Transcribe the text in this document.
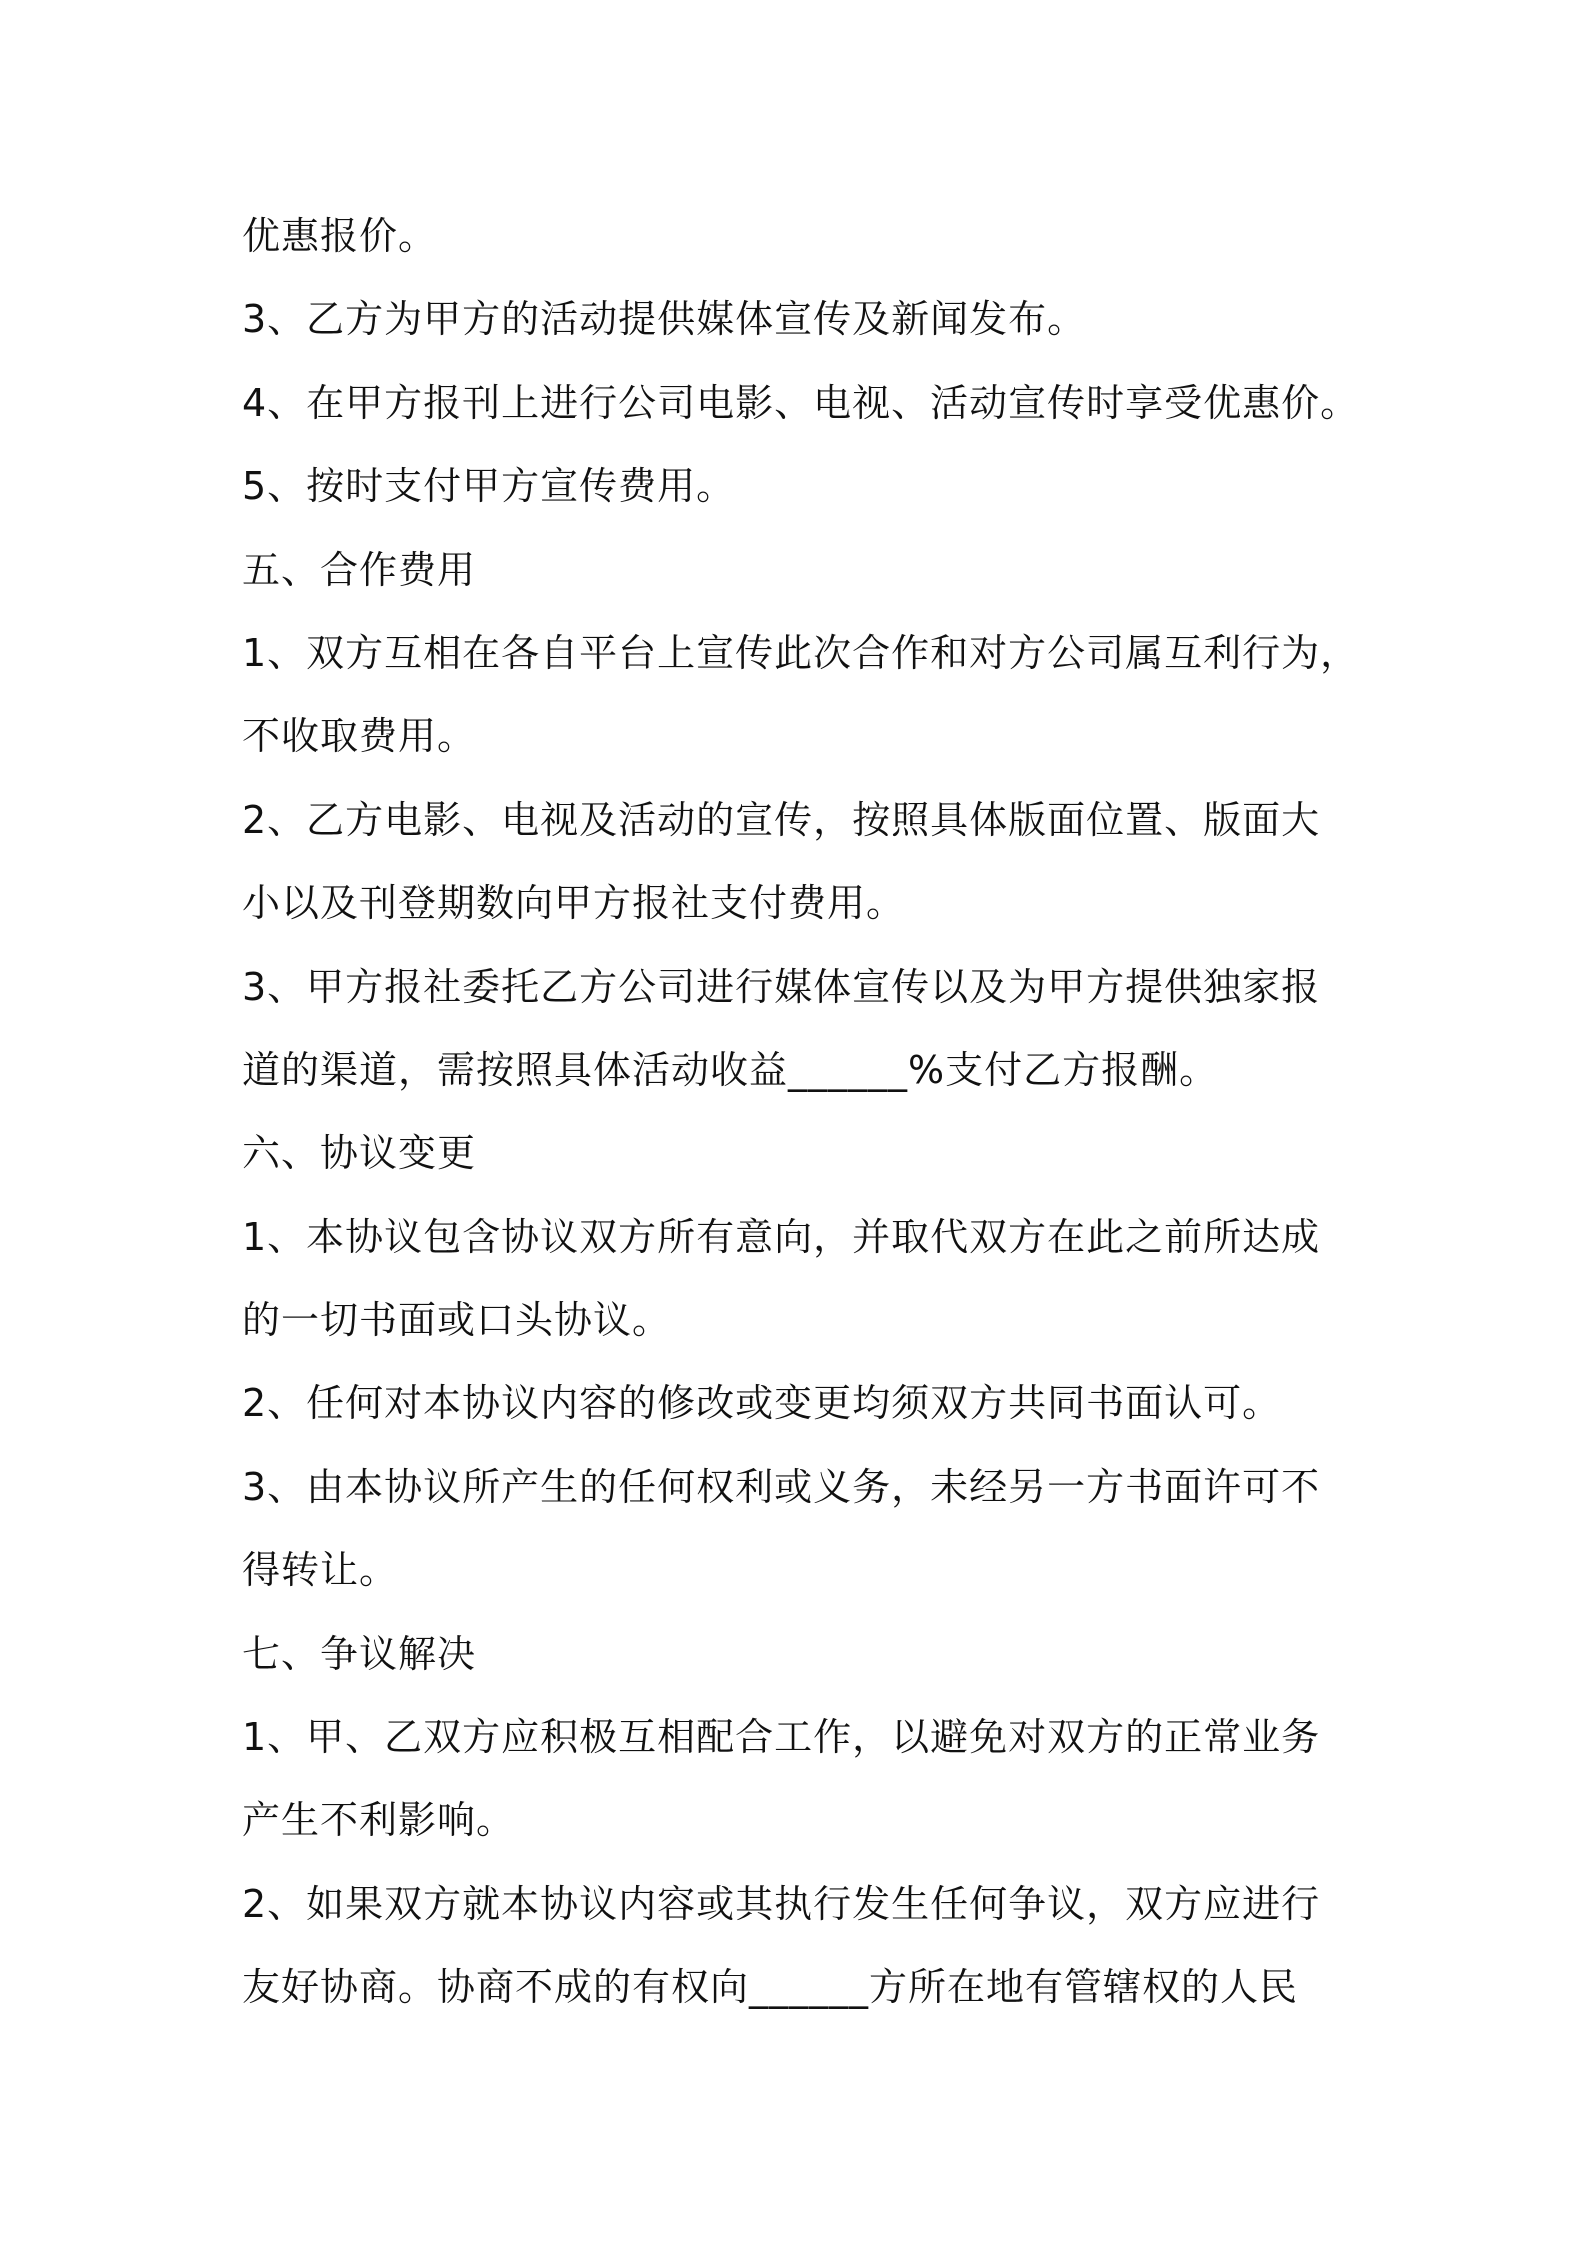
优惠报价。
3、乙方为甲方的活动提供媒体宣传及新闻发布。
4、在甲方报刊上进行公司电影、电视、活动宣传时享受优惠价。
5、按时支付甲方宣传费用。
五、合作费用
1、双方互相在各自平台上宣传此次合作和对方公司属互利行为，
不收取费用。
2、乙方电影、电视及活动的宣传，按照具体版面位置、版面大
小以及刊登期数向甲方报社支付费用。
3、甲方报社委托乙方公司进行媒体宣传以及为甲方提供独家报
道的渠道，需按照具体活动收益______%支付乙方报酬。
六、协议变更
1、本协议包含协议双方所有意向，并取代双方在此之前所达成
的一切书面或口头协议。
2、任何对本协议内容的修改或变更均须双方共同书面认可。
3、由本协议所产生的任何权利或义务，未经另一方书面许可不
得转让。
七、争议解决
1、甲、乙双方应积极互相配合工作，以避免对双方的正常业务
产生不利影响。
2、如果双方就本协议内容或其执行发生任何争议，双方应进行
友好协商。协商不成的有权向______方所在地有管辖权的人民
